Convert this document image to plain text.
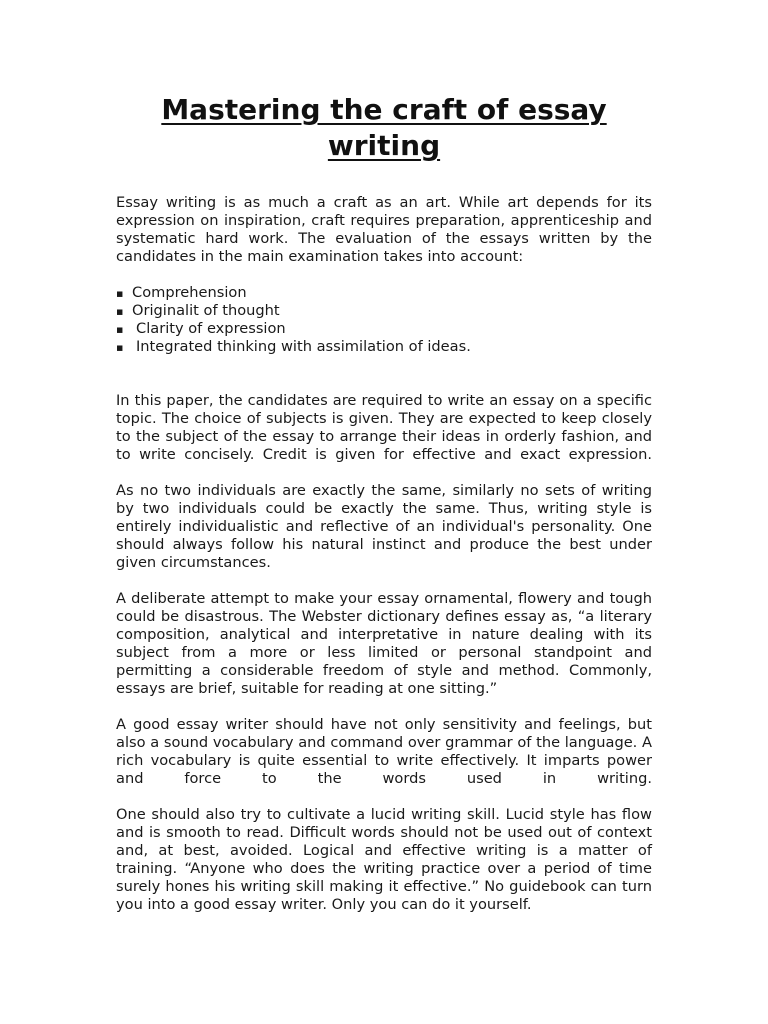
Mastering the craft of essay writing

Essay writing is as much a craft as an art. While art depends for its expression on inspiration, craft requires preparation, apprenticeship and systematic hard work. The evaluation of the essays written by the candidates in the main examination takes into account:

▪ Comprehension
▪ Originalit of thought
▪ Clarity of expression
▪ Integrated thinking with assimilation of ideas.

In this paper, the candidates are required to write an essay on a specific topic. The choice of subjects is given. They are expected to keep closely to the subject of the essay to arrange their ideas in orderly fashion, and to write concisely. Credit is given for effective and exact expression.

As no two individuals are exactly the same, similarly no sets of writing by two individuals could be exactly the same. Thus, writing style is entirely individualistic and reflective of an individual's personality. One should always follow his natural instinct and produce the best under given circumstances.

A deliberate attempt to make your essay ornamental, flowery and tough could be disastrous. The Webster dictionary defines essay as, “a literary composition, analytical and interpretative in nature dealing with its subject from a more or less limited or personal standpoint and permitting a considerable freedom of style and method. Commonly, essays are brief, suitable for reading at one sitting.”

A good essay writer should have not only sensitivity and feelings, but also a sound vocabulary and command over grammar of the language. A rich vocabulary is quite essential to write effectively. It imparts power and force to the words used in writing.

One should also try to cultivate a lucid writing skill. Lucid style has flow and is smooth to read. Difficult words should not be used out of context and, at best, avoided. Logical and effective writing is a matter of training. “Anyone who does the writing practice over a period of time surely hones his writing skill making it effective.” No guidebook can turn you into a good essay writer. Only you can do it yourself.
